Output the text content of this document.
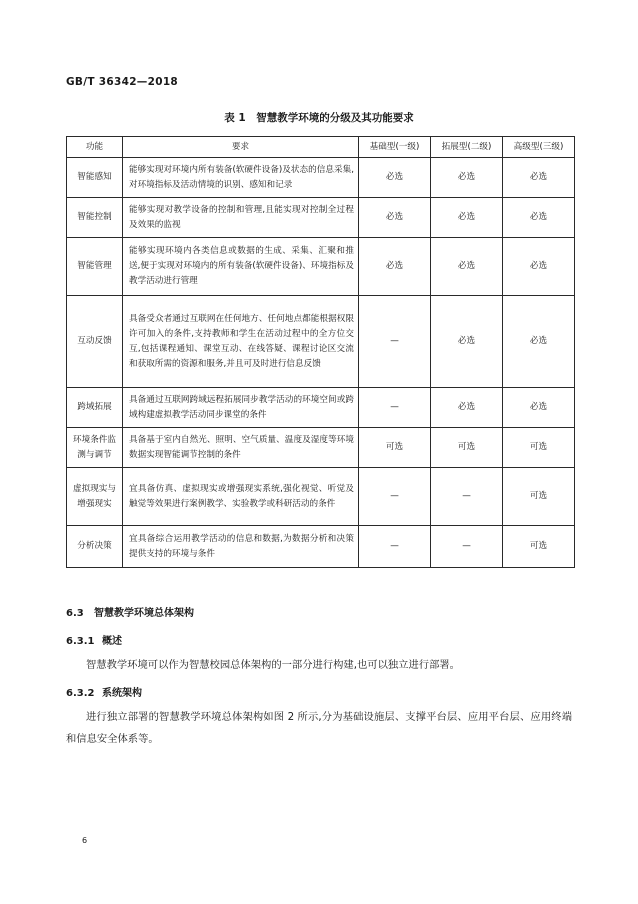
GB/T 36342—2018
表 1　智慧教学环境的分级及其功能要求
功能	要求	基础型(一级)	拓展型(二级)	高级型(三级)
智能感知	能够实现对环境内所有装备(软硬件设备)及状态的信息采集,对环境指标及活动情境的识别、感知和记录	必选	必选	必选
智能控制	能够实现对教学设备的控制和管理,且能实现对控制全过程及效果的监视	必选	必选	必选
智能管理	能够实现环境内各类信息或数据的生成、采集、汇聚和推送,便于实现对环境内的所有装备(软硬件设备)、环境指标及教学活动进行管理	必选	必选	必选
互动反馈	具备受众者通过互联网在任何地方、任何地点都能根据权限许可加入的条件,支持教师和学生在活动过程中的全方位交互,包括课程通知、课堂互动、在线答疑、课程讨论区交流和获取所需的资源和服务,并且可及时进行信息反馈	—	必选	必选
跨域拓展	具备通过互联网跨域远程拓展同步教学活动的环境空间或跨域构建虚拟教学活动同步课堂的条件	—	必选	必选
环境条件监测与调节	具备基于室内自然光、照明、空气质量、温度及湿度等环境数据实现智能调节控制的条件	可选	可选	可选
虚拟现实与增强现实	宜具备仿真、虚拟现实或增强现实系统,强化视觉、听觉及触觉等效果进行案例教学、实验教学或科研活动的条件	—	—	可选
分析决策	宜具备综合运用教学活动的信息和数据,为数据分析和决策提供支持的环境与条件	—	—	可选
6.3 智慧教学环境总体架构
6.3.1 概述
智慧教学环境可以作为智慧校园总体架构的一部分进行构建,也可以独立进行部署。
6.3.2 系统架构
进行独立部署的智慧教学环境总体架构如图 2 所示,分为基础设施层、支撑平台层、应用平台层、应用终端和信息安全体系等。
6
